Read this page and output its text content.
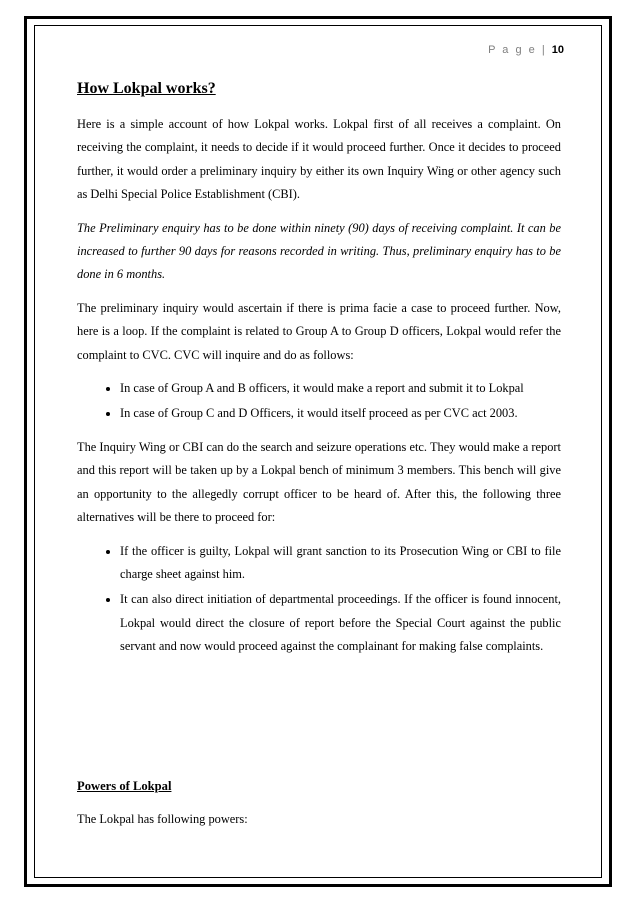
P a g e | 10
How Lokpal works?

Here is a simple account of how Lokpal works. Lokpal first of all receives a complaint. On receiving the complaint, it needs to decide if it would proceed further. Once it decides to proceed further, it would order a preliminary inquiry by either its own Inquiry Wing or other agency such as Delhi Special Police Establishment (CBI).

The Preliminary enquiry has to be done within ninety (90) days of receiving complaint. It can be increased to further 90 days for reasons recorded in writing. Thus, preliminary enquiry has to be done in 6 months.

The preliminary inquiry would ascertain if there is prima facie a case to proceed further. Now, here is a loop. If the complaint is related to Group A to Group D officers, Lokpal would refer the complaint to CVC. CVC will inquire and do as follows:

• In case of Group A and B officers, it would make a report and submit it to Lokpal
• In case of Group C and D Officers, it would itself proceed as per CVC act 2003.

The Inquiry Wing or CBI can do the search and seizure operations etc. They would make a report and this report will be taken up by a Lokpal bench of minimum 3 members. This bench will give an opportunity to the allegedly corrupt officer to be heard of. After this, the following three alternatives will be there to proceed for:

• If the officer is guilty, Lokpal will grant sanction to its Prosecution Wing or CBI to file charge sheet against him.
• It can also direct initiation of departmental proceedings. If the officer is found innocent, Lokpal would direct the closure of report before the Special Court against the public servant and now would proceed against the complainant for making false complaints.
Powers of Lokpal

The Lokpal has following powers:
